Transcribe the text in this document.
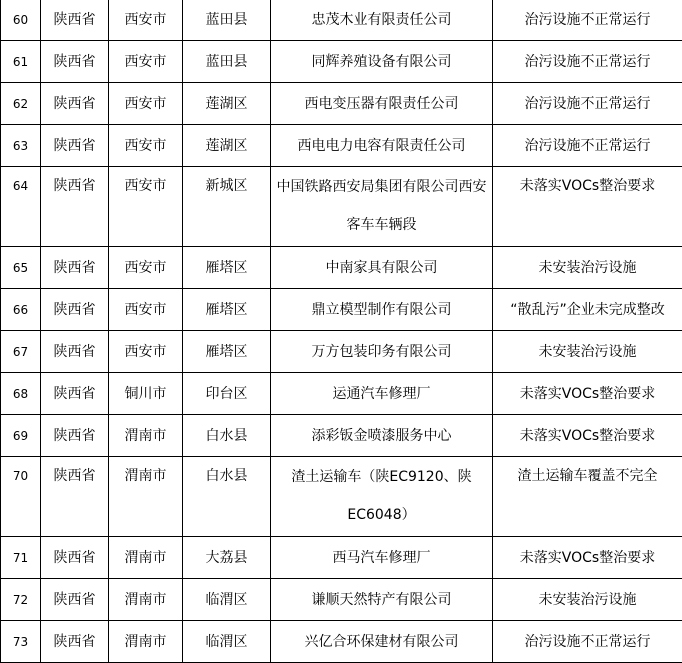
60	陕西省	西安市	蓝田县	忠茂木业有限责任公司	治污设施不正常运行
61	陕西省	西安市	蓝田县	同辉养殖设备有限公司	治污设施不正常运行
62	陕西省	西安市	莲湖区	西电变压器有限责任公司	治污设施不正常运行
63	陕西省	西安市	莲湖区	西电电力电容有限责任公司	治污设施不正常运行
64	陕西省	西安市	新城区	中国铁路西安局集团有限公司西安客车车辆段	未落实VOCs整治要求
65	陕西省	西安市	雁塔区	中南家具有限公司	未安装治污设施
66	陕西省	西安市	雁塔区	鼎立模型制作有限公司	“散乱污”企业未完成整改
67	陕西省	西安市	雁塔区	万方包装印务有限公司	未安装治污设施
68	陕西省	铜川市	印台区	运通汽车修理厂	未落实VOCs整治要求
69	陕西省	渭南市	白水县	添彩钣金喷漆服务中心	未落实VOCs整治要求
70	陕西省	渭南市	白水县	渣土运输车（陕EC9120、陕EC6048）	渣土运输车覆盖不完全
71	陕西省	渭南市	大荔县	西马汽车修理厂	未落实VOCs整治要求
72	陕西省	渭南市	临渭区	谦顺天然特产有限公司	未安装治污设施
73	陕西省	渭南市	临渭区	兴亿合环保建材有限公司	治污设施不正常运行
